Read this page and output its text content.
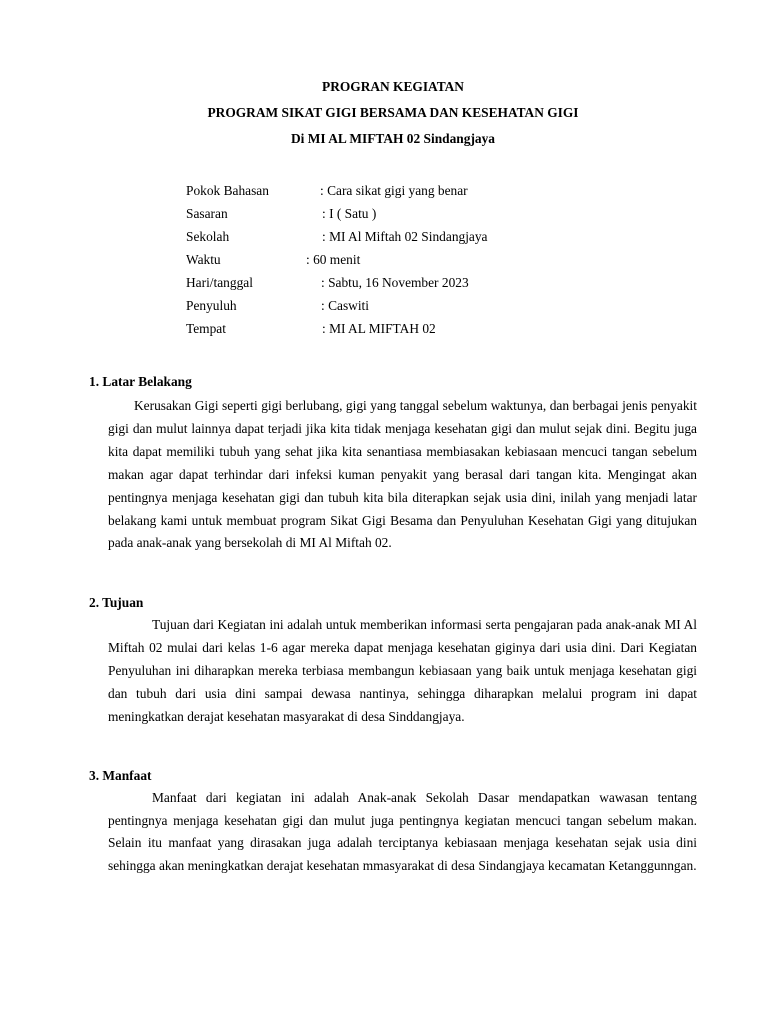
PROGRAN KEGIATAN
PROGRAM SIKAT GIGI BERSAMA DAN KESEHATAN GIGI
Di MI AL MIFTAH 02 Sindangjaya
Pokok Bahasan	: Cara sikat gigi yang benar
Sasaran	: I ( Satu )
Sekolah	: MI Al Miftah 02 Sindangjaya
Waktu	: 60 menit
Hari/tanggal	: Sabtu, 16 November 2023
Penyuluh	: Caswiti
Tempat	: MI AL MIFTAH 02
1. Latar Belakang
Kerusakan Gigi seperti gigi berlubang, gigi yang tanggal sebelum waktunya, dan berbagai jenis penyakit gigi dan mulut lainnya dapat terjadi jika kita tidak menjaga kesehatan gigi dan mulut sejak dini. Begitu juga kita dapat memiliki tubuh yang sehat jika kita senantiasa membiasakan kebiasaan mencuci tangan sebelum makan agar dapat terhindar dari infeksi kuman penyakit yang berasal dari tangan kita. Mengingat akan pentingnya menjaga kesehatan gigi dan tubuh kita bila diterapkan sejak usia dini, inilah yang menjadi latar belakang kami untuk membuat program Sikat Gigi Besama dan Penyuluhan Kesehatan Gigi yang ditujukan pada anak-anak yang bersekolah di MI Al Miftah 02.
2. Tujuan
Tujuan dari Kegiatan ini adalah untuk memberikan informasi serta pengajaran pada anak-anak MI Al Miftah 02 mulai dari kelas 1-6 agar mereka dapat menjaga kesehatan giginya dari usia dini. Dari Kegiatan Penyuluhan ini diharapkan mereka terbiasa membangun kebiasaan yang baik untuk menjaga kesehatan gigi dan tubuh dari usia dini sampai dewasa nantinya, sehingga diharapkan melalui program ini dapat meningkatkan derajat kesehatan masyarakat di desa Sinddangjaya.
3. Manfaat
Manfaat dari kegiatan ini adalah Anak-anak Sekolah Dasar mendapatkan wawasan tentang pentingnya menjaga kesehatan gigi dan mulut juga pentingnya kegiatan mencuci tangan sebelum makan. Selain itu manfaat yang dirasakan juga adalah terciptanya kebiasaan menjaga kesehatan sejak usia dini sehingga akan meningkatkan derajat kesehatan mmasyarakat di desa Sindangjaya kecamatan Ketanggunngan.
